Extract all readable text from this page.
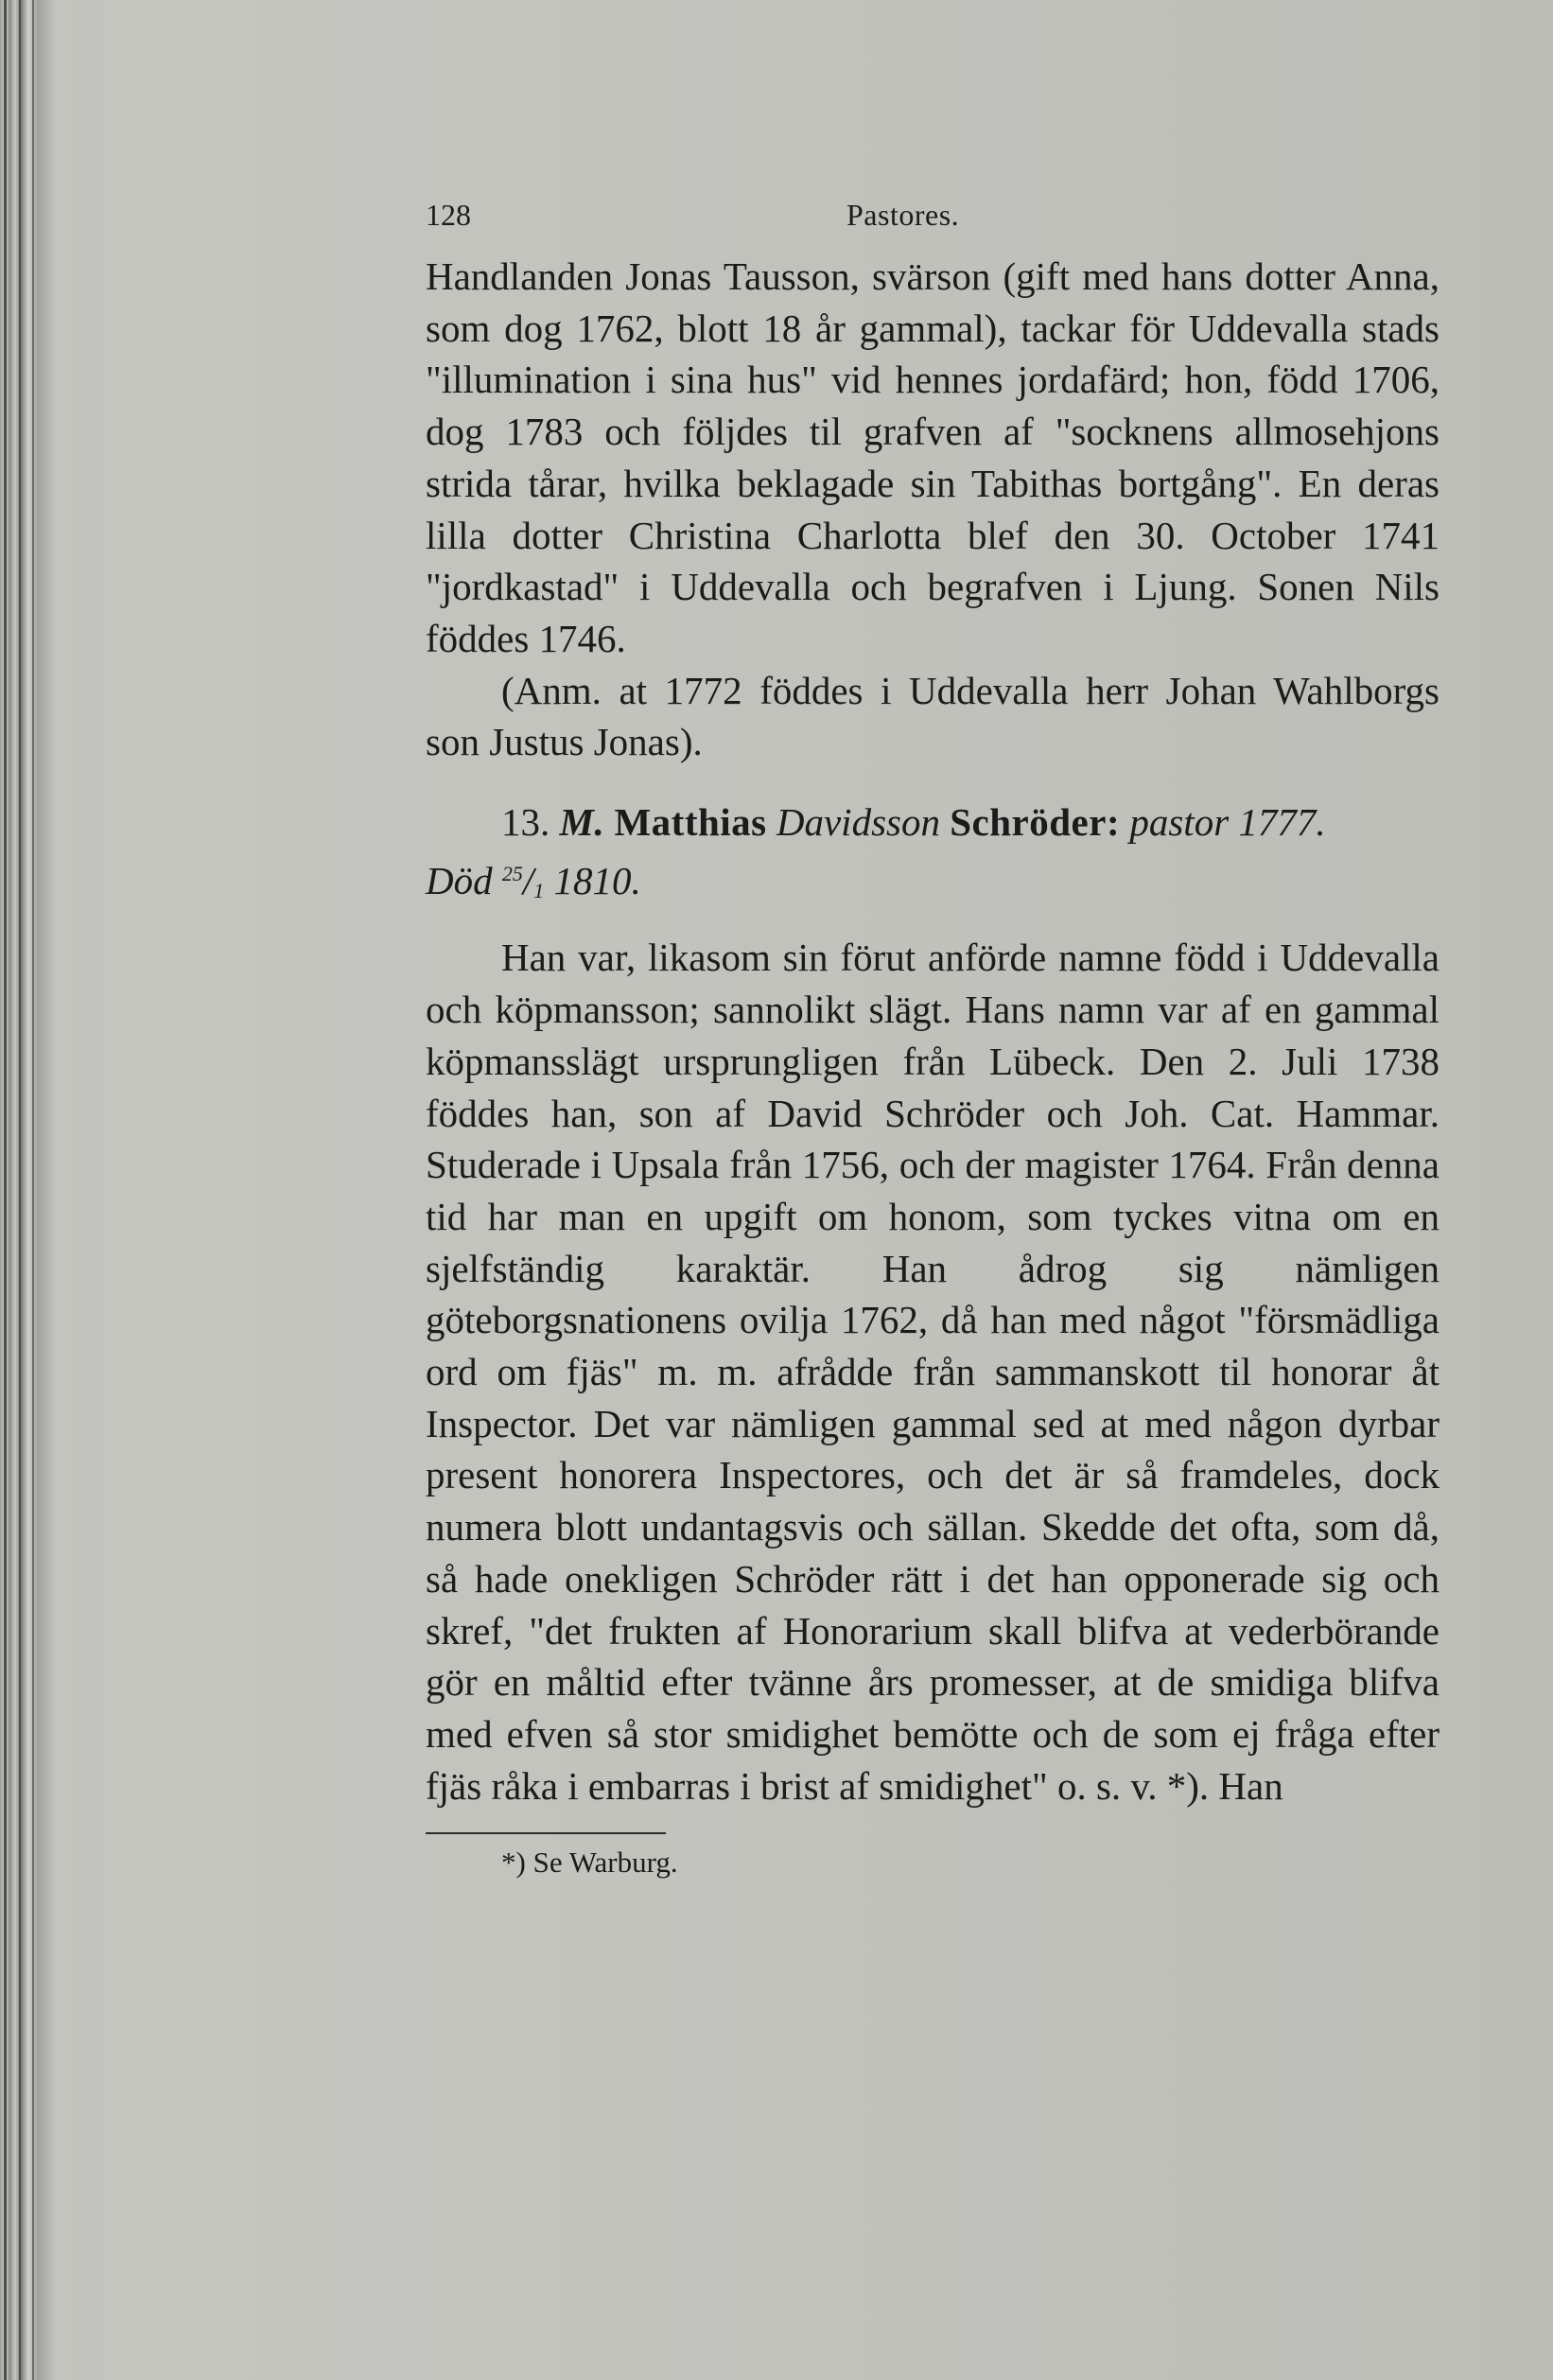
128	Pastores.

Handlanden Jonas Tausson, svärson (gift med hans dotter Anna, som dog 1762, blott 18 år gammal), tackar för Uddevalla stads "illumination i sina hus" vid hennes jordafärd; hon, född 1706, dog 1783 och följdes til grafven af "socknens allmosehjons strida tårar, hvilka beklagade sin Tabithas bortgång". En deras lilla dotter Christina Charlotta blef den 30. October 1741 "jordkastad" i Uddevalla och begrafven i Ljung. Sonen Nils föddes 1746.

(Anm. at 1772 föddes i Uddevalla herr Johan Wahlborgs son Justus Jonas).

13. M. Matthias Davidsson Schröder: pastor 1777.
Död $^{25}/_1$ 1810.

Han var, likasom sin förut anförde namne född i Uddevalla och köpmansson; sannolikt slägt. Hans namn var af en gammal köpmansslägt ursprungligen från Lübeck. Den 2. Juli 1738 föddes han, son af David Schröder och Joh. Cat. Hammar. Studerade i Upsala från 1756, och der magister 1764. Från denna tid har man en upgift om honom, som tyckes vitna om en sjelfständig karaktär. Han ådrog sig nämligen göteborgsnationens ovilja 1762, då han med något "försmädliga ord om fjäs" m. m. afrådde från sammanskott til honorar åt Inspector. Det var nämligen gammal sed at med någon dyrbar present honorera Inspectores, och det är så framdeles, dock numera blott undantagsvis och sällan. Skedde det ofta, som då, så hade onekligen Schröder rätt i det han opponerade sig och skref, "det frukten af Honorarium skall blifva at vederbörande gör en måltid efter tvänne års promesser, at de smidiga blifva med efven så stor smidighet bemötte och de som ej fråga efter fjäs råka i embarras i brist af smidighet" o. s. v. *). Han

*) Se Warburg.
